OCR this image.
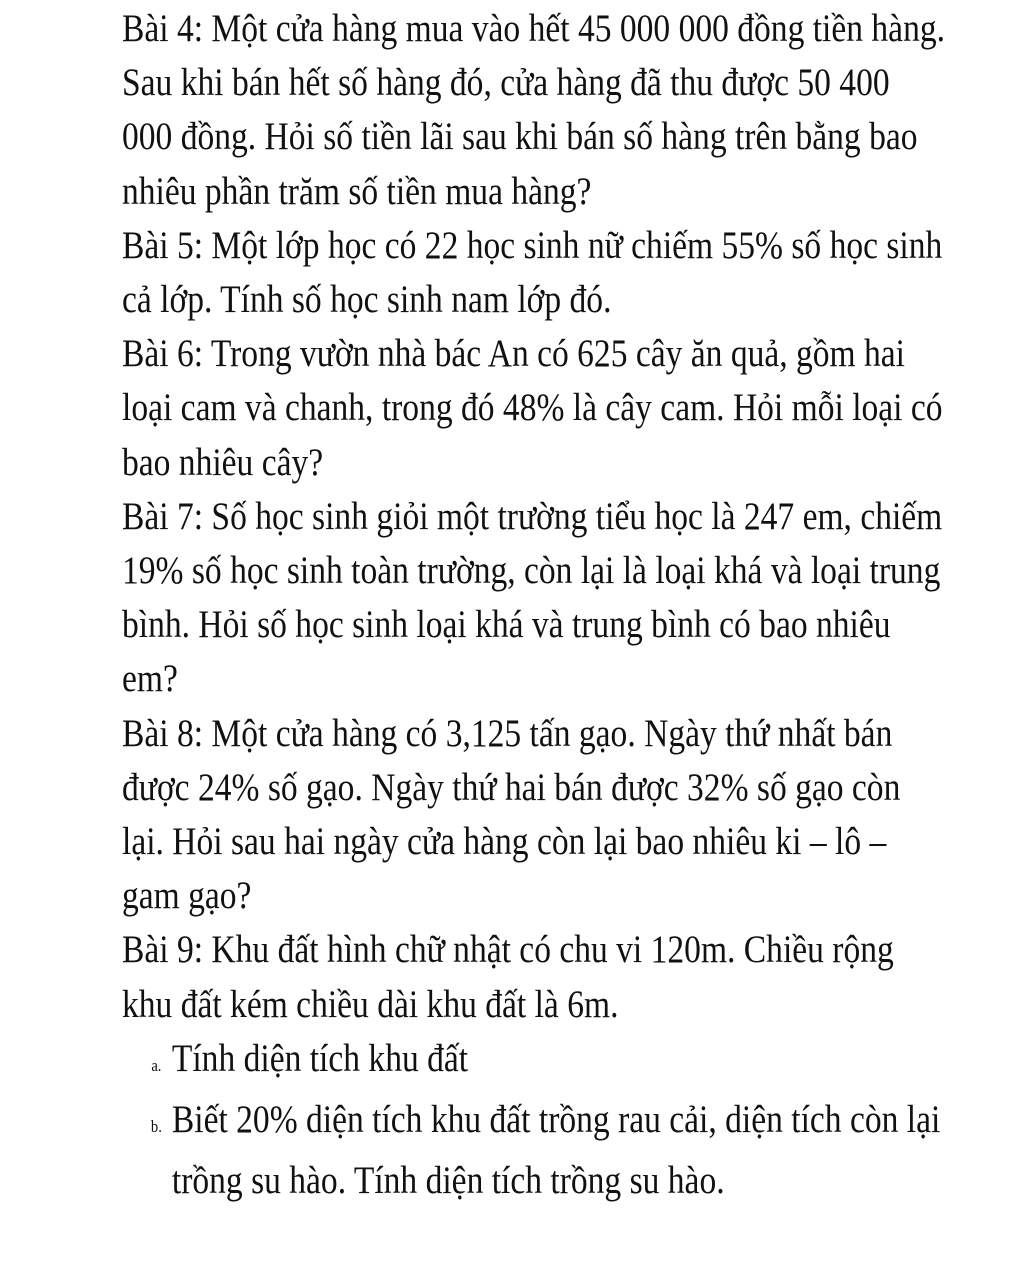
Bài 4: Một cửa hàng mua vào hết 45 000 000 đồng tiền hàng.
Sau khi bán hết số hàng đó, cửa hàng đã thu được 50 400
000 đồng. Hỏi số tiền lãi sau khi bán số hàng trên bằng bao
nhiêu phần trăm số tiền mua hàng?
Bài 5: Một lớp học có 22 học sinh nữ chiếm 55% số học sinh
cả lớp. Tính số học sinh nam lớp đó.
Bài 6: Trong vườn nhà bác An có 625 cây ăn quả, gồm hai
loại cam và chanh, trong đó 48% là cây cam. Hỏi mỗi loại có
bao nhiêu cây?
Bài 7: Số học sinh giỏi một trường tiểu học là 247 em, chiếm
19% số học sinh toàn trường, còn lại là loại khá và loại trung
bình. Hỏi số học sinh loại khá và trung bình có bao nhiêu
em?
Bài 8: Một cửa hàng có 3,125 tấn gạo. Ngày thứ nhất bán
được 24% số gạo. Ngày thứ hai bán được 32% số gạo còn
lại. Hỏi sau hai ngày cửa hàng còn lại bao nhiêu ki – lô –
gam gạo?
Bài 9: Khu đất hình chữ nhật có chu vi 120m. Chiều rộng
khu đất kém chiều dài khu đất là 6m.
a. Tính diện tích khu đất
b. Biết 20% diện tích khu đất trồng rau cải, diện tích còn lại
trồng su hào. Tính diện tích trồng su hào.
